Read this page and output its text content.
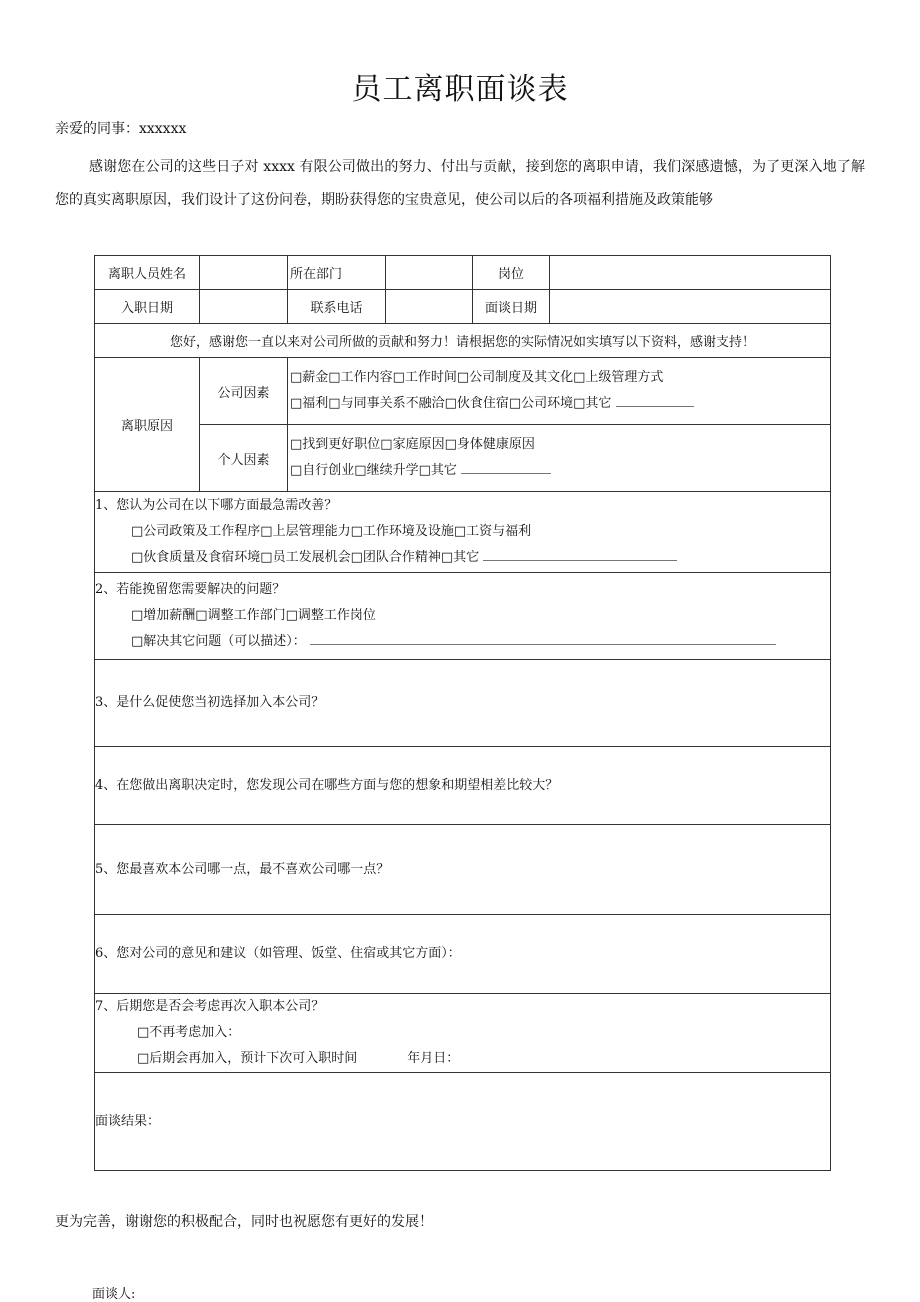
员工离职面谈表
亲爱的同事：xxxxxx
感谢您在公司的这些日子对 xxxx 有限公司做出的努力、付出与贡献，接到您的离职申请，我们深感遗憾，为了更深入地了解您的真实离职原因，我们设计了这份问卷，期盼获得您的宝贵意见，使公司以后的各项福利措施及政策能够
离职人员姓名		所在部门		岗位	
入职日期		联系电话		面谈日期	
您好，感谢您一直以来对公司所做的贡献和努力！请根据您的实际情况如实填写以下资料，感谢支持！					
离职原因	公司因素	□薪金□工作内容□工作时间□公司制度及其文化□上级管理方式
□福利□与同事关系不融洽□伙食住宿□公司环境□其它			

	个人因素	□找到更好职位□家庭原因□身体健康原因
□自行创业□继续升学□其它			

1、您认为公司在以下哪方面最急需改善？
□公司政策及工作程序□上层管理能力□工作环境及设施□工资与福利
□伙食质量及食宿环境□员工发展机会□团队合作精神□其它					

2、若能挽留您需要解决的问题？
□增加薪酬□调整工作部门□调整工作岗位
□解决其它问题（可以描述）：					

3、是什么促使您当初选择加入本公司？					

4、在您做出离职决定时，您发现公司在哪些方面与您的想象和期望相差比较大？					

5、您最喜欢本公司哪一点，最不喜欢公司哪一点？					

6、您对公司的意见和建议（如管理、饭堂、住宿或其它方面）：					

7、后期您是否会考虑再次入职本公司？
□不再考虑加入：
□后期会再加入，预计下次可入职时间 年月日：					

面谈结果：					
更为完善，谢谢您的积极配合，同时也祝愿您有更好的发展！
面谈人:
